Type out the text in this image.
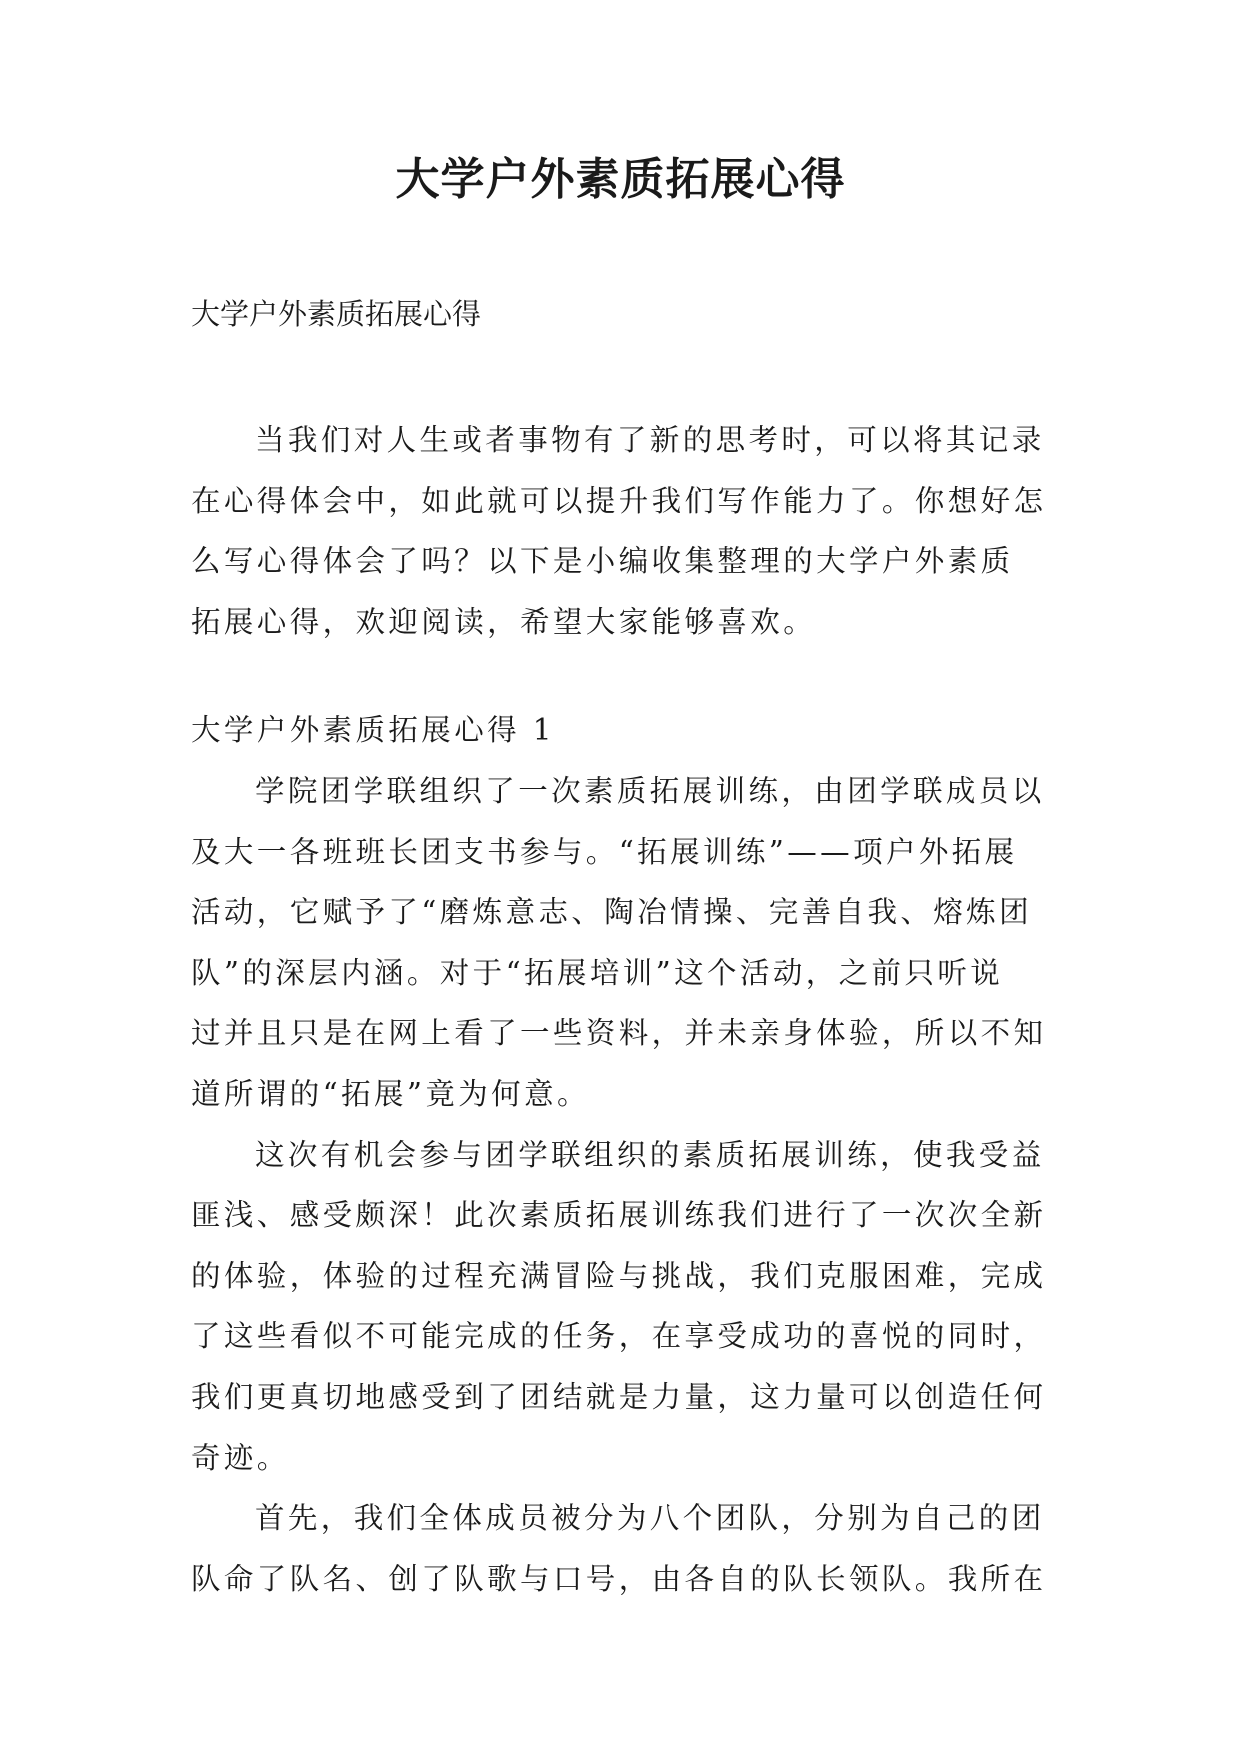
大学户外素质拓展心得

大学户外素质拓展心得

当我们对人生或者事物有了新的思考时，可以将其记录
在心得体会中，如此就可以提升我们写作能力了。你想好怎
么写心得体会了吗？以下是小编收集整理的大学户外素质
拓展心得，欢迎阅读，希望大家能够喜欢。

大学户外素质拓展心得 1

学院团学联组织了一次素质拓展训练，由团学联成员以
及大一各班班长团支书参与。“拓展训练”——项户外拓展
活动，它赋予了“磨炼意志、陶冶情操、完善自我、熔炼团
队”的深层内涵。对于“拓展培训”这个活动，之前只听说
过并且只是在网上看了一些资料，并未亲身体验，所以不知
道所谓的“拓展”竟为何意。

这次有机会参与团学联组织的素质拓展训练，使我受益
匪浅、感受颇深！此次素质拓展训练我们进行了一次次全新
的体验，体验的过程充满冒险与挑战，我们克服困难，完成
了这些看似不可能完成的任务，在享受成功的喜悦的同时，
我们更真切地感受到了团结就是力量，这力量可以创造任何
奇迹。

首先，我们全体成员被分为八个团队，分别为自己的团
队命了队名、创了队歌与口号，由各自的队长领队。我所在
